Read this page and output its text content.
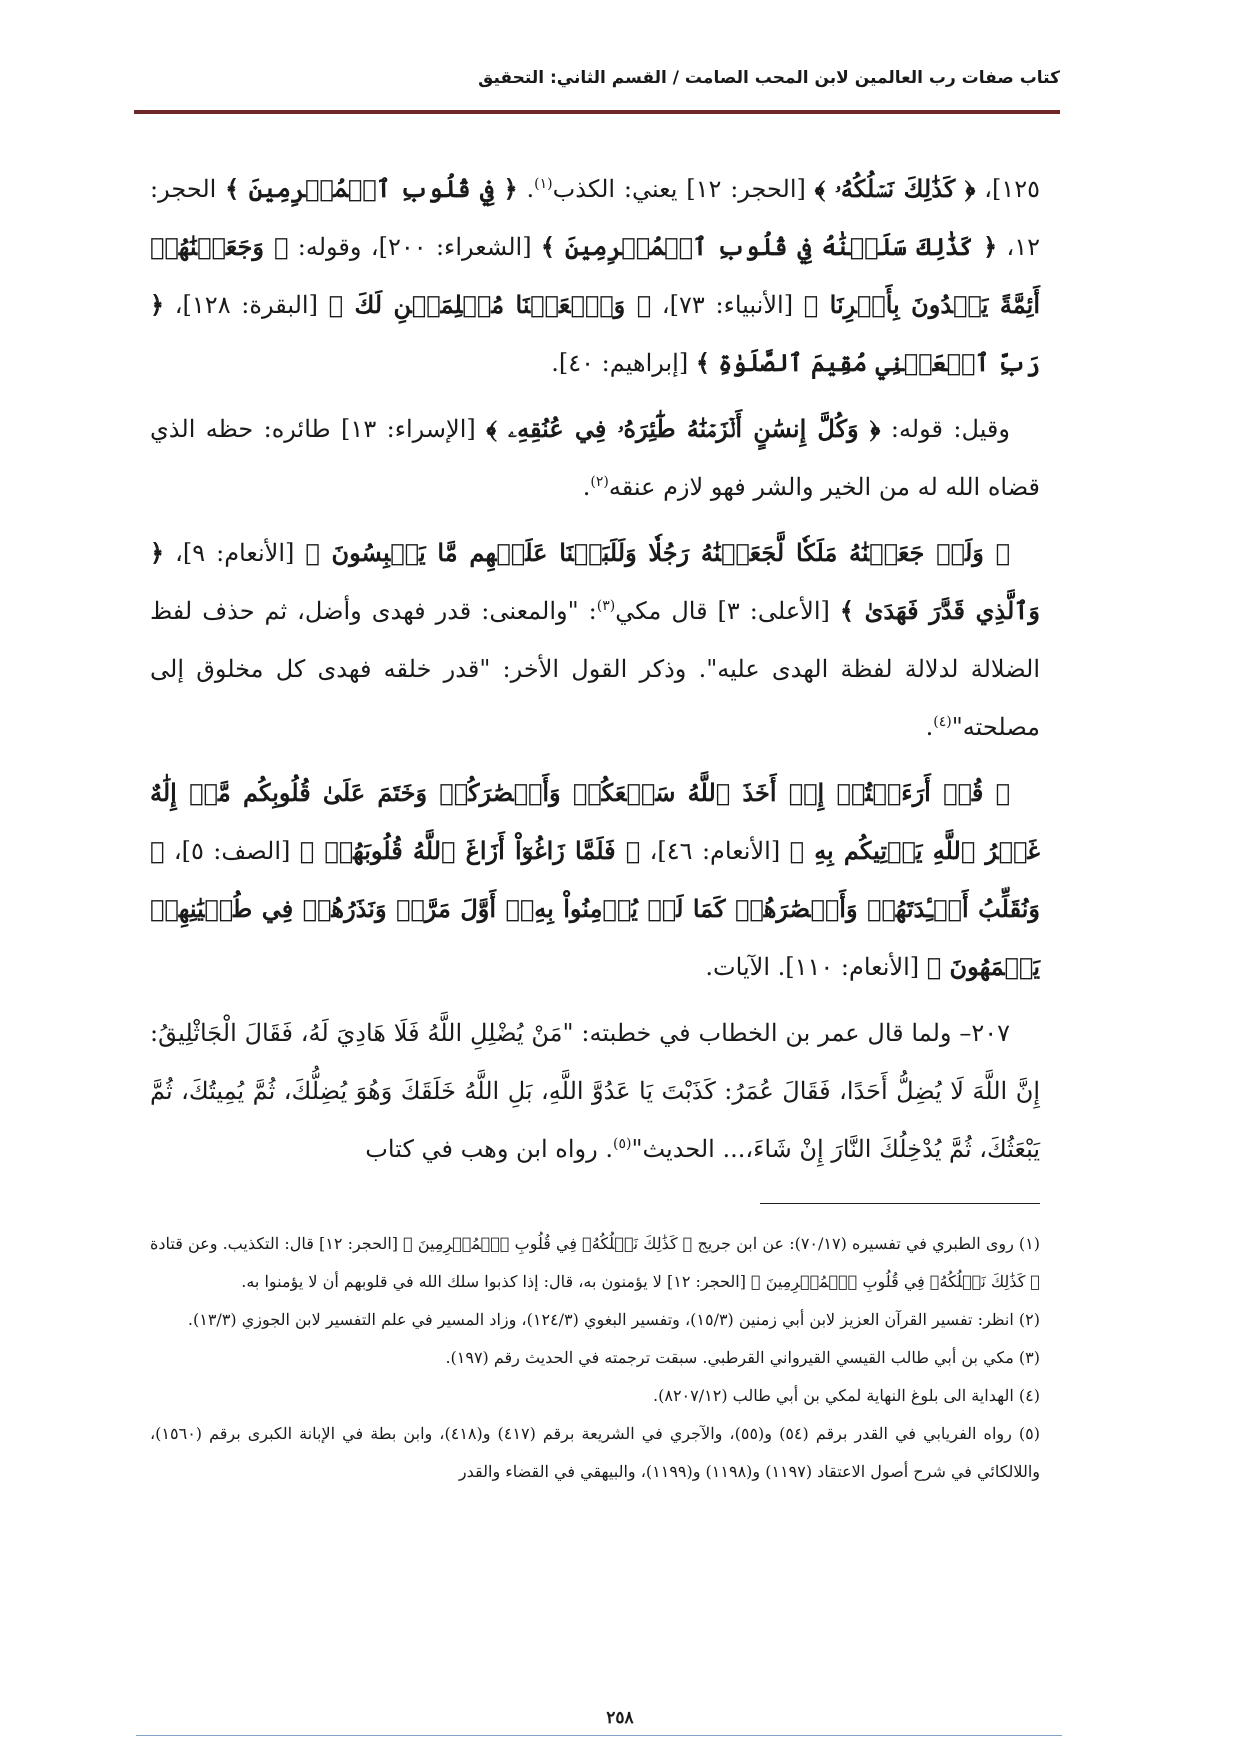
كتاب صفات رب العالمين لابن المحب الصامت / القسم الثاني: التحقيق

١٢٥]، ﴿ كَذَٰلِكَ نَسۡلُكُهُۥ ﴾ [الحجر: ١٢] يعني: الكذب$^{(١)}$. ﴿ فِي قُلُوبِ ٱلۡمُجۡرِمِينَ ﴾ الحجر: ١٢، ﴿ كَذَٰلِكَ سَلَكۡنَٰهُ فِي قُلُوبِ ٱلۡمُجۡرِمِينَ ﴾ [الشعراء: ٢٠٠]، وقوله: ﴿ وَجَعَلۡنَٰهُمۡ أَئِمَّةً يَهۡدُونَ بِأَمۡرِنَا ﴾ [الأنبياء: ٧٣]، ﴿ وَٱجۡعَلۡنَا مُسۡلِمَيۡنِ لَكَ ﴾ [البقرة: ١٢٨]، ﴿ رَبِّ ٱجۡعَلۡنِي مُقِيمَ ٱلصَّلَوٰةِ ﴾ [إبراهيم: ٤٠].

وقيل: قوله: ﴿ وَكُلَّ إِنسَٰنٍ أَلۡزَمۡنَٰهُ طَٰٓئِرَهُۥ فِي عُنُقِهِۦ ﴾ [الإسراء: ١٣] طائره: حظه الذي قضاه الله له من الخير والشر فهو لازم عنقه$^{(٢)}$.

﴿ وَلَوۡ جَعَلۡنَٰهُ مَلَكٗا لَّجَعَلۡنَٰهُ رَجُلٗا وَلَلَبَسۡنَا عَلَيۡهِم مَّا يَلۡبِسُونَ ﴾ [الأنعام: ٩]، ﴿ وَٱلَّذِي قَدَّرَ فَهَدَىٰ ﴾ [الأعلى: ٣] قال مكي$^{(٣)}$: "والمعنى: قدر فهدى وأضل، ثم حذف لفظ الضلالة لدلالة لفظة الهدى عليه". وذكر القول الأخر: "قدر خلقه فهدى كل مخلوق إلى مصلحته"$^{(٤)}$.

﴿ قُلۡ أَرَءَيۡتُمۡ إِنۡ أَخَذَ ٱللَّهُ سَمۡعَكُمۡ وَأَبۡصَٰرَكُمۡ وَخَتَمَ عَلَىٰ قُلُوبِكُم مَّنۡ إِلَٰهٌ غَيۡرُ ٱللَّهِ يَأۡتِيكُم بِهِ ﴾ [الأنعام: ٤٦]، ﴿ فَلَمَّا زَاغُوٓاْ أَزَاغَ ٱللَّهُ قُلُوبَهُمۡ ﴾ [الصف: ٥]، ﴿ وَنُقَلِّبُ أَفۡـِٔدَتَهُمۡ وَأَبۡصَٰرَهُمۡ كَمَا لَمۡ يُؤۡمِنُواْ بِهِۦٓ أَوَّلَ مَرَّةٖ وَنَذَرُهُمۡ فِي طُغۡيَٰنِهِمۡ يَعۡمَهُونَ ﴾ [الأنعام: ١١٠]. الآيات.

٢٠٧– ولما قال عمر بن الخطاب في خطبته: "مَنْ يُضْلِلِ اللَّهُ فَلَا هَادِيَ لَهُ، فَقَالَ الْجَاثْلِيقُ: إِنَّ اللَّهَ لَا يُضِلُّ أَحَدًا، فَقَالَ عُمَرُ: كَذَبْتَ يَا عَدُوَّ اللَّهِ، بَلِ اللَّهُ خَلَقَكَ وَهُوَ يُضِلُّكَ، ثُمَّ يُمِيتُكَ، ثُمَّ يَبْعَثُكَ، ثُمَّ يُدْخِلُكَ النَّارَ إِنْ شَاءَ،... الحديث"$^{(٥)}$. رواه ابن وهب في كتاب

(١) روى الطبري في تفسيره (٧٠/١٧): عن ابن جريج ﴿ كَذَٰلِكَ نَسۡلُكُهُۥ فِي قُلُوبِ ٱلۡمُجۡرِمِينَ ﴾ [الحجر: ١٢] قال: التكذيب. وعن قتادة ﴿ كَذَٰلِكَ نَسۡلُكُهُۥ فِي قُلُوبِ ٱلۡمُجۡرِمِينَ ﴾ [الحجر: ١٢] لا يؤمنون به، قال: إذا كذبوا سلك الله في قلوبهم أن لا يؤمنوا به.

(٢) انظر: تفسير القرآن العزيز لابن أبي زمنين (١٥/٣)، وتفسير البغوي (١٢٤/٣)، وزاد المسير في علم التفسير لابن الجوزي (١٣/٣).

(٣) مكي بن أبي طالب القيسي القيرواني القرطبي. سبقت ترجمته في الحديث رقم (١٩٧).

(٤) الهداية الى بلوغ النهاية لمكي بن أبي طالب (٨٢٠٧/١٢).

(٥) رواه الفريابي في القدر برقم (٥٤) و(٥٥)، والآجري في الشريعة برقم (٤١٧) و(٤١٨)، وابن بطة في الإبانة الكبرى برقم (١٥٦٠)، واللالكائي في شرح أصول الاعتقاد (١١٩٧) و(١١٩٨) و(١١٩٩)، والبيهقي في القضاء والقدر

٢٥٨
